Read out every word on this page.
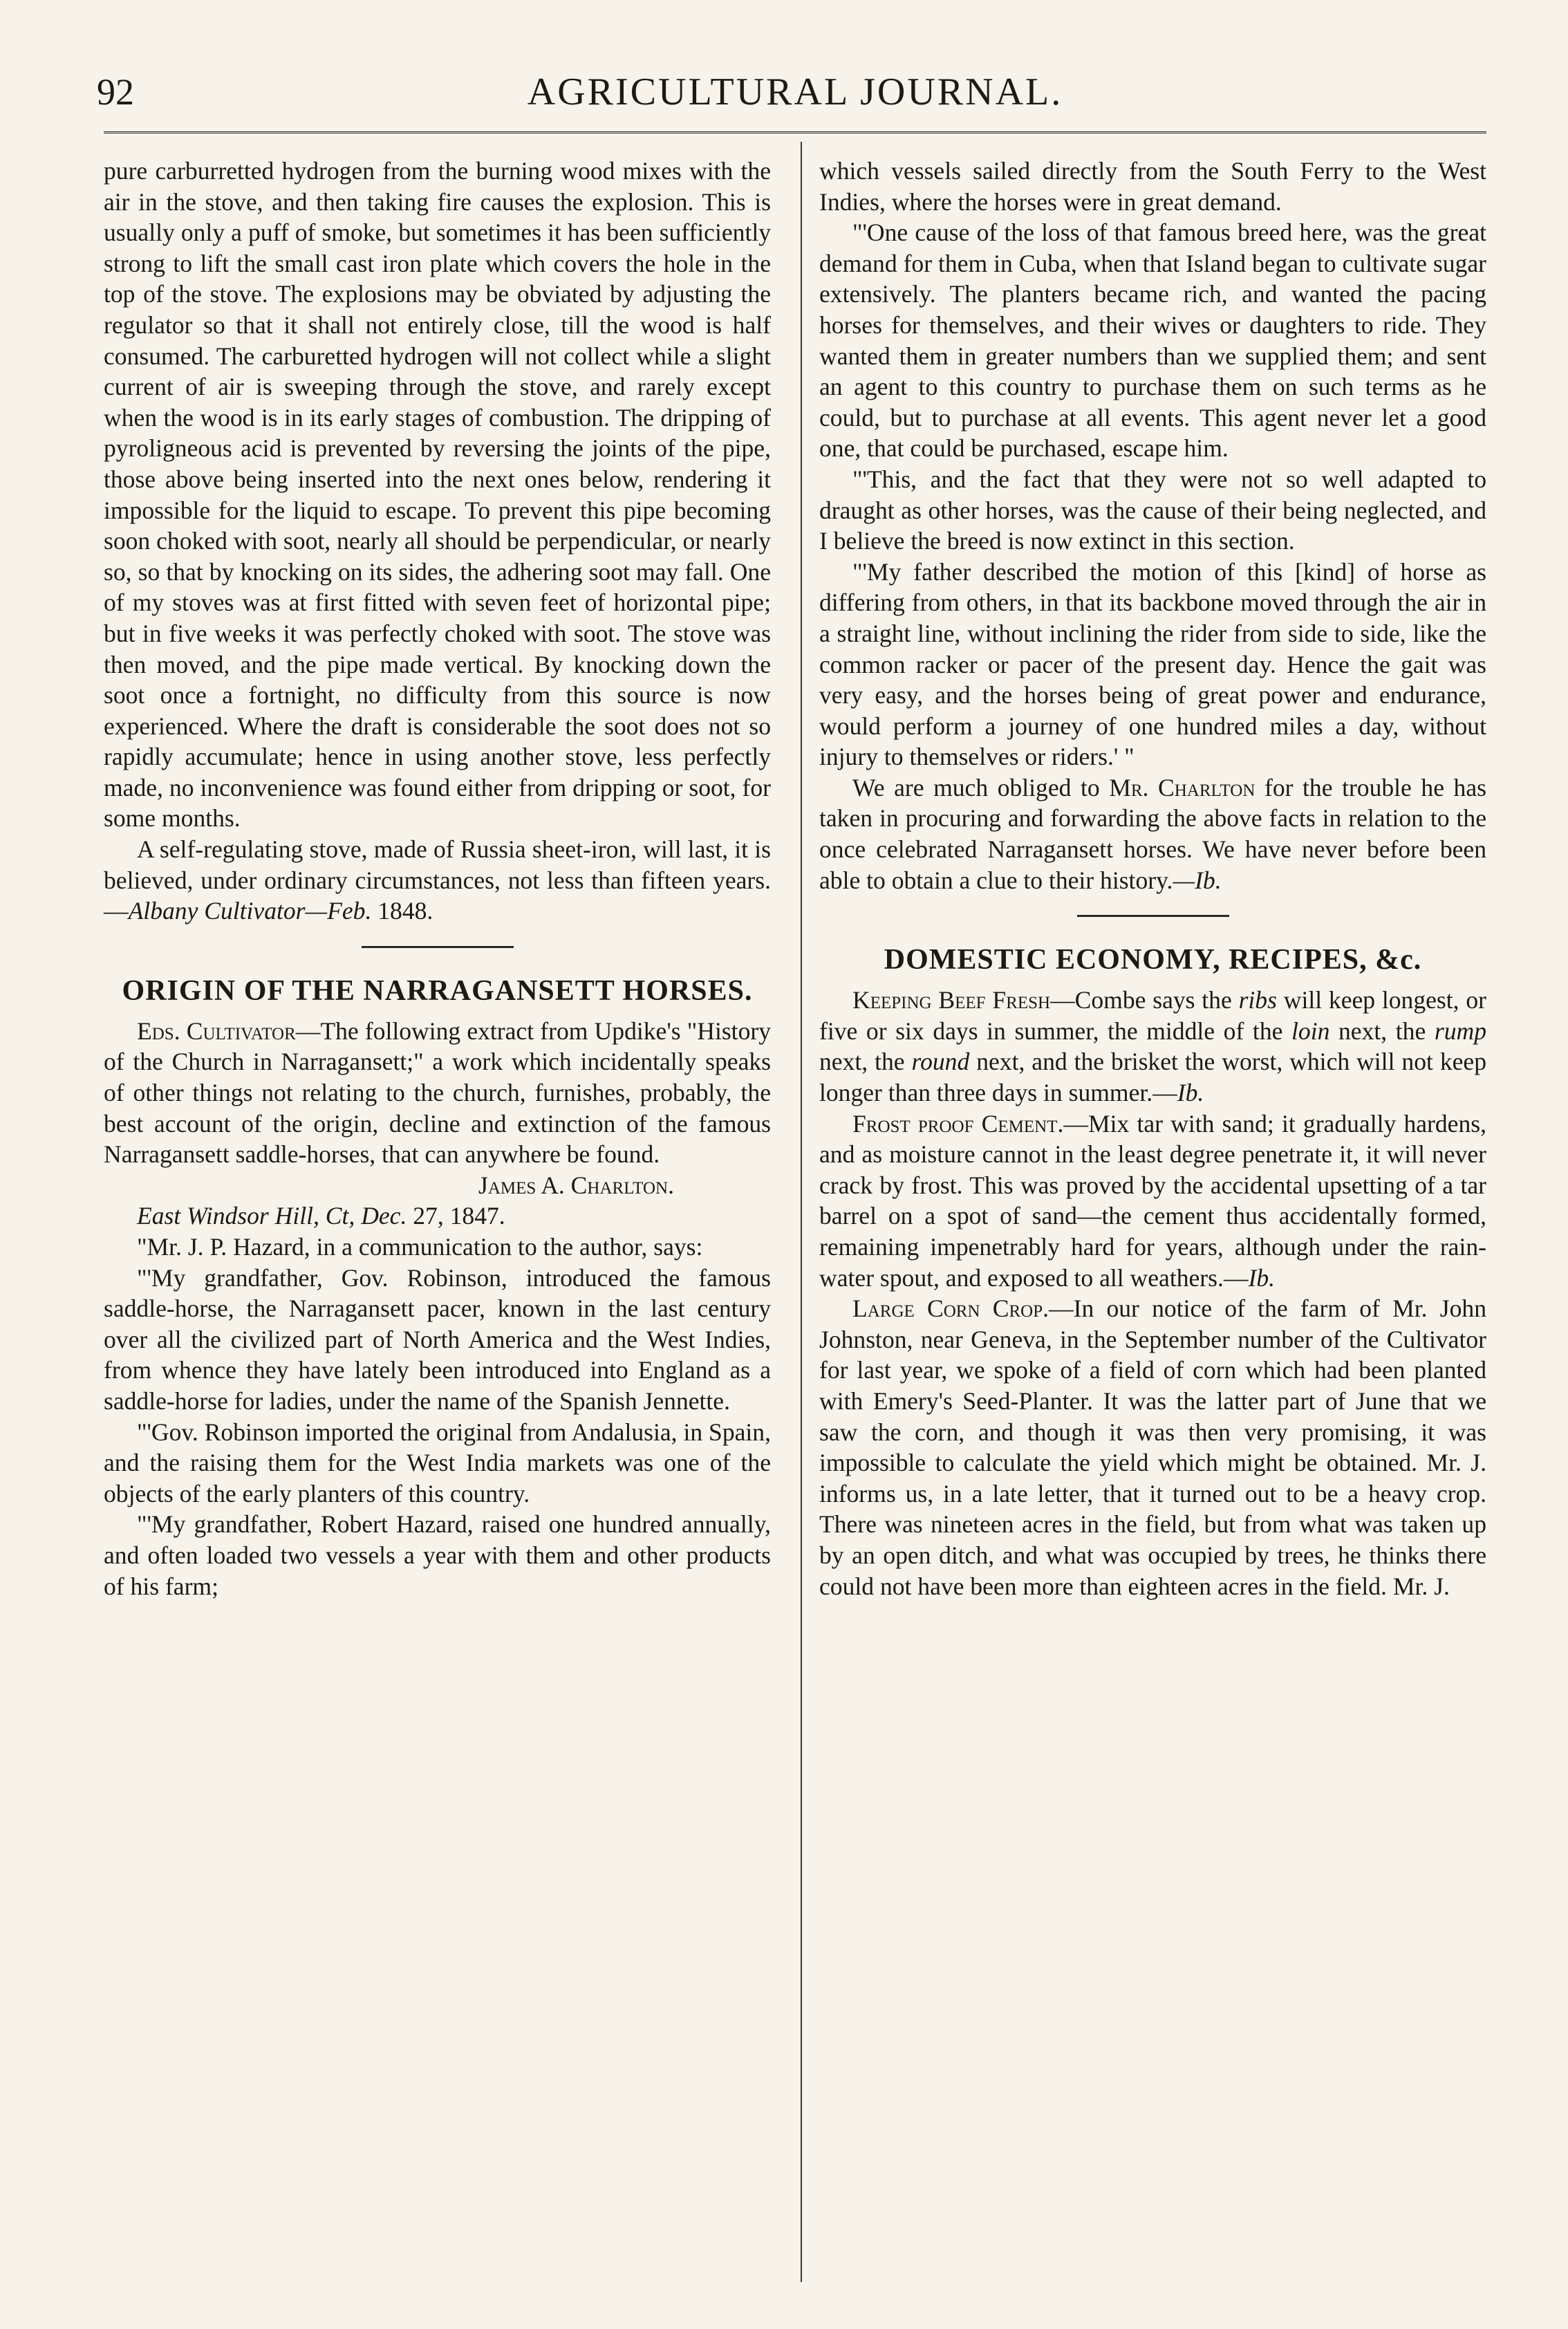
92	AGRICULTURAL JOURNAL.

pure carburretted hydrogen from the burning wood mixes with the air in the stove, and then taking fire causes the explosion. This is usually only a puff of smoke, but sometimes it has been sufficiently strong to lift the small cast iron plate which covers the hole in the top of the stove. The explosions may be obviated by adjusting the regulator so that it shall not entirely close, till the wood is half consumed. The carburetted hydrogen will not collect while a slight current of air is sweeping through the stove, and rarely except when the wood is in its early stages of combustion. The dripping of pyroligneous acid is prevented by reversing the joints of the pipe, those above being inserted into the next ones below, rendering it impossible for the liquid to escape. To prevent this pipe becoming soon choked with soot, nearly all should be perpendicular, or nearly so, so that by knocking on its sides, the adhering soot may fall. One of my stoves was at first fitted with seven feet of horizontal pipe; but in five weeks it was perfectly choked with soot. The stove was then moved, and the pipe made vertical. By knocking down the soot once a fortnight, no difficulty from this source is now experienced. Where the draft is considerable the soot does not so rapidly accumulate; hence in using another stove, less perfectly made, no inconvenience was found either from dripping or soot, for some months.

A self-regulating stove, made of Russia sheet-iron, will last, it is believed, under ordinary circumstances, not less than fifteen years.—Albany Cultivator—Feb. 1848.

ORIGIN OF THE NARRAGANSETT HORSES.

Eds. Cultivator—The following extract from Updike's "History of the Church in Narragansett;" a work which incidentally speaks of other things not relating to the church, furnishes, probably, the best account of the origin, decline and extinction of the famous Narragansett saddle-horses, that can anywhere be found.

James A. Charlton.

East Windsor Hill, Ct, Dec. 27, 1847.

"Mr. J. P. Hazard, in a communication to the author, says:

"'My grandfather, Gov. Robinson, introduced the famous saddle-horse, the Narragansett pacer, known in the last century over all the civilized part of North America and the West Indies, from whence they have lately been introduced into England as a saddle-horse for ladies, under the name of the Spanish Jennette.

"'Gov. Robinson imported the original from Andalusia, in Spain, and the raising them for the West India markets was one of the objects of the early planters of this country.

"'My grandfather, Robert Hazard, raised one hundred annually, and often loaded two vessels a year with them and other products of his farm;

which vessels sailed directly from the South Ferry to the West Indies, where the horses were in great demand.

"'One cause of the loss of that famous breed here, was the great demand for them in Cuba, when that Island began to cultivate sugar extensively. The planters became rich, and wanted the pacing horses for themselves, and their wives or daughters to ride. They wanted them in greater numbers than we supplied them; and sent an agent to this country to purchase them on such terms as he could, but to purchase at all events. This agent never let a good one, that could be purchased, escape him.

"'This, and the fact that they were not so well adapted to draught as other horses, was the cause of their being neglected, and I believe the breed is now extinct in this section.

"'My father described the motion of this [kind] of horse as differing from others, in that its backbone moved through the air in a straight line, without inclining the rider from side to side, like the common racker or pacer of the present day. Hence the gait was very easy, and the horses being of great power and endurance, would perform a journey of one hundred miles a day, without injury to themselves or riders.' "

We are much obliged to Mr. Charlton for the trouble he has taken in procuring and forwarding the above facts in relation to the once celebrated Narragansett horses. We have never before been able to obtain a clue to their history.—Ib.

DOMESTIC ECONOMY, RECIPES, &c.

Keeping Beef Fresh—Combe says the ribs will keep longest, or five or six days in summer, the middle of the loin next, the rump next, the round next, and the brisket the worst, which will not keep longer than three days in summer.—Ib.

Frost proof Cement.—Mix tar with sand; it gradually hardens, and as moisture cannot in the least degree penetrate it, it will never crack by frost. This was proved by the accidental upsetting of a tar barrel on a spot of sand—the cement thus accidentally formed, remaining impenetrably hard for years, although under the rain-water spout, and exposed to all weathers.—Ib.

Large Corn Crop.—In our notice of the farm of Mr. John Johnston, near Geneva, in the September number of the Cultivator for last year, we spoke of a field of corn which had been planted with Emery's Seed-Planter. It was the latter part of June that we saw the corn, and though it was then very promising, it was impossible to calculate the yield which might be obtained. Mr. J. informs us, in a late letter, that it turned out to be a heavy crop. There was nineteen acres in the field, but from what was taken up by an open ditch, and what was occupied by trees, he thinks there could not have been more than eighteen acres in the field. Mr. J.
